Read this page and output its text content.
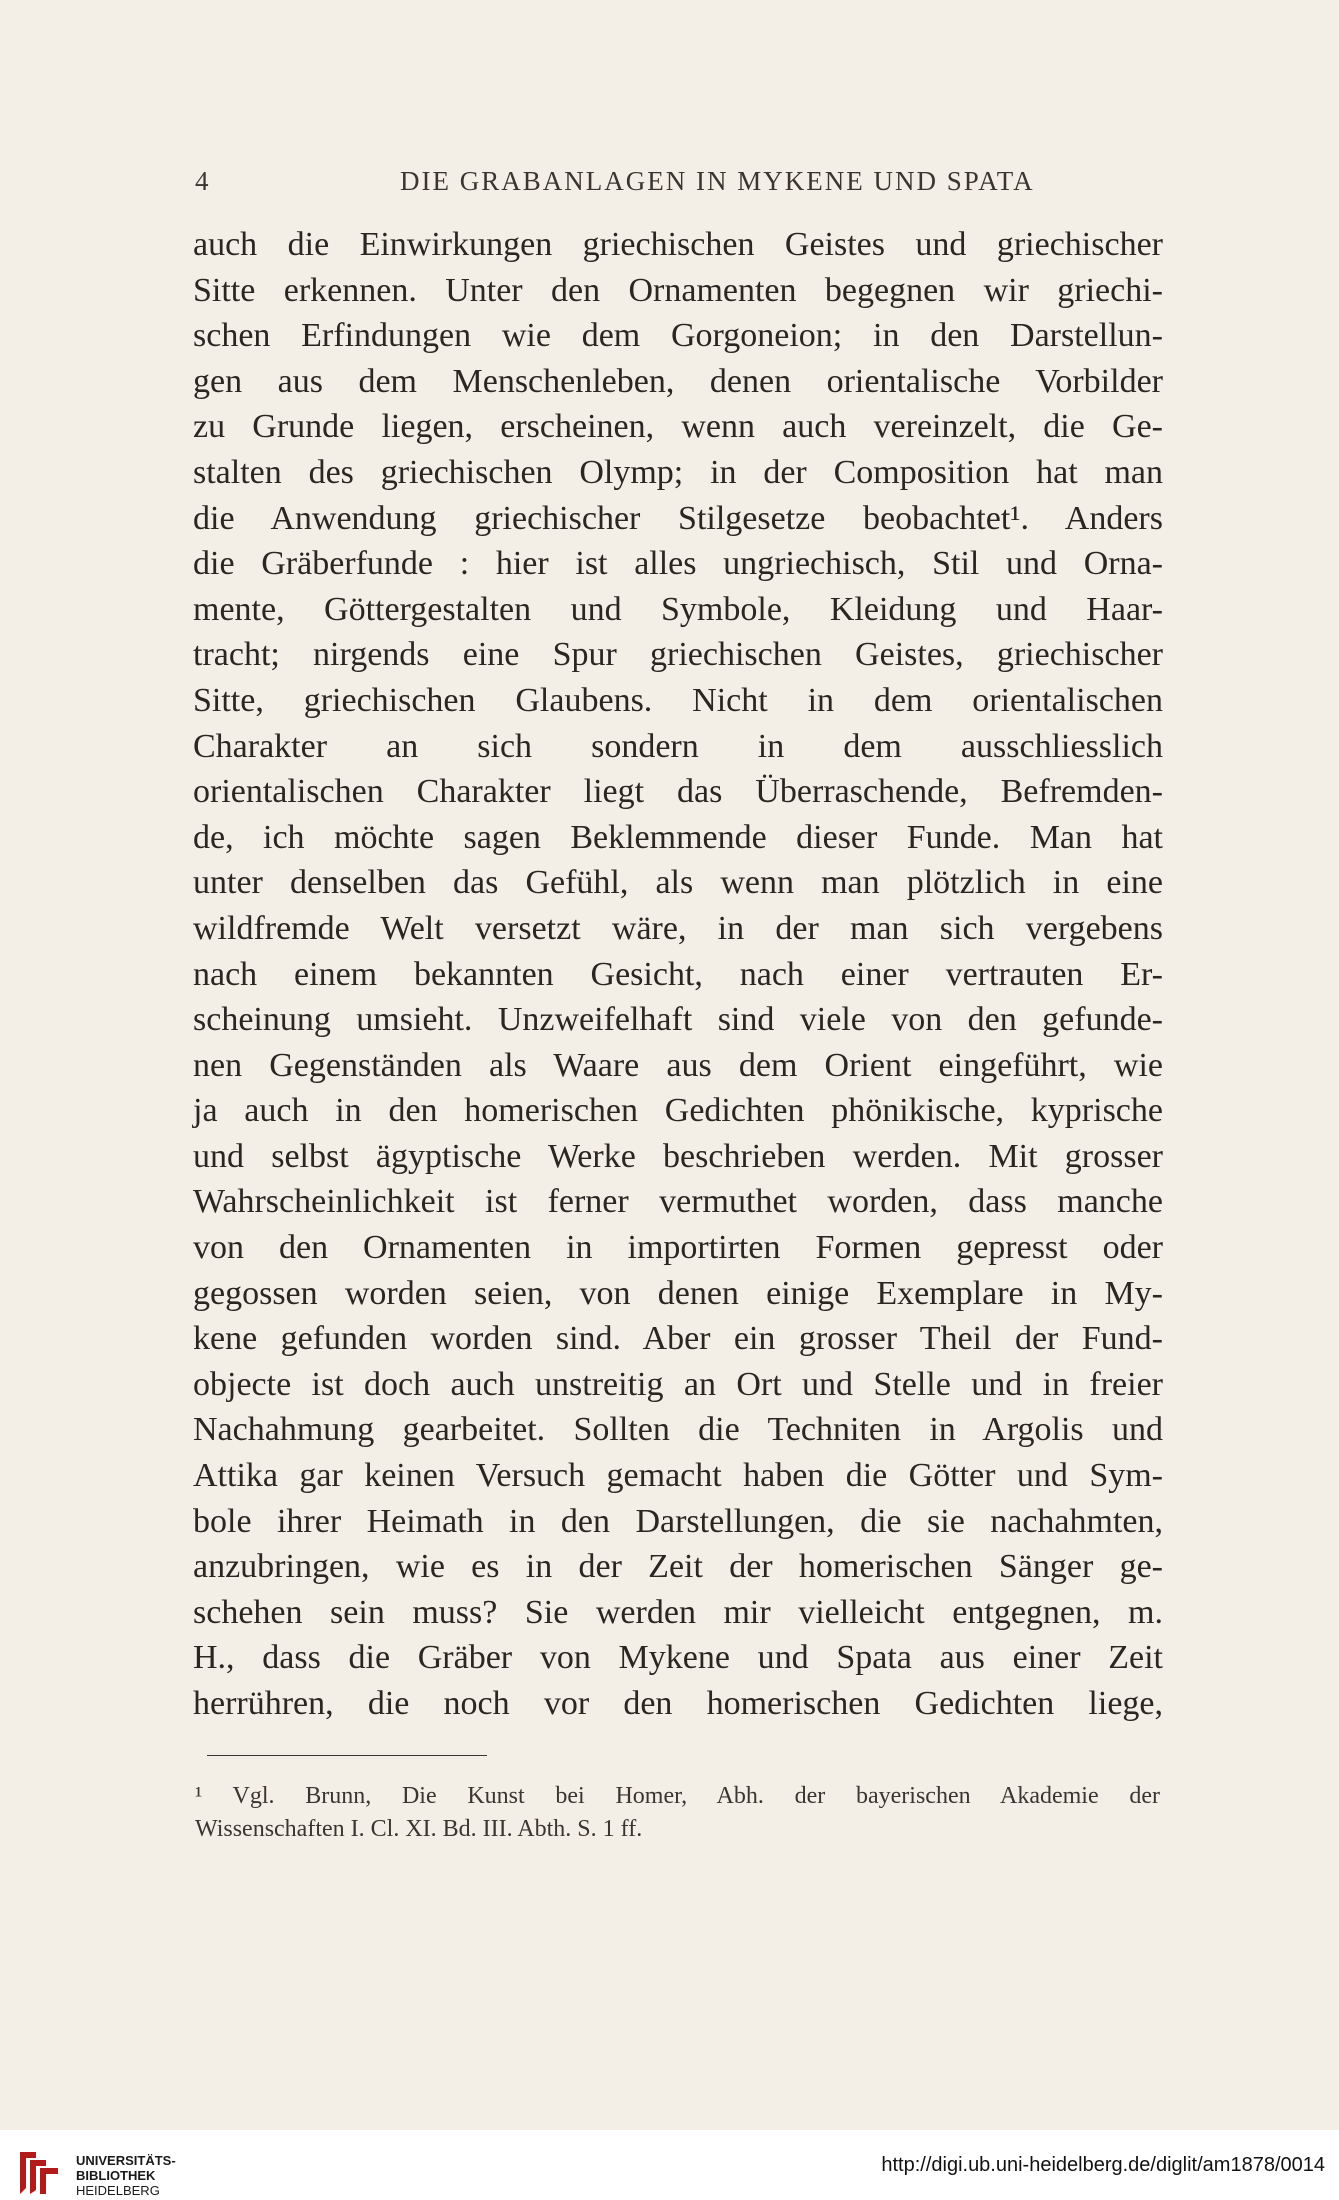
4	DIE GRABANLAGEN IN MYKENE UND SPATA
auch die Einwirkungen griechischen Geistes und griechischer
Sitte erkennen. Unter den Ornamenten begegnen wir griechi-
schen Erfindungen wie dem Gorgoneion; in den Darstellun-
gen aus dem Menschenleben, denen orientalische Vorbilder
zu Grunde liegen, erscheinen, wenn auch vereinzelt, die Ge-
stalten des griechischen Olymp; in der Composition hat man
die Anwendung griechischer Stilgesetze beobachtet¹. Anders
die Gräberfunde : hier ist alles ungriechisch, Stil und Orna-
mente, Göttergestalten und Symbole, Kleidung und Haar-
tracht; nirgends eine Spur griechischen Geistes, griechischer
Sitte, griechischen Glaubens. Nicht in dem orientalischen
Charakter an sich sondern in dem ausschliesslich
orientalischen Charakter liegt das Überraschende, Befremden-
de, ich möchte sagen Beklemmende dieser Funde. Man hat
unter denselben das Gefühl, als wenn man plötzlich in eine
wildfremde Welt versetzt wäre, in der man sich vergebens
nach einem bekannten Gesicht, nach einer vertrauten Er-
scheinung umsieht. Unzweifelhaft sind viele von den gefunde-
nen Gegenständen als Waare aus dem Orient eingeführt, wie
ja auch in den homerischen Gedichten phönikische, kyprische
und selbst ägyptische Werke beschrieben werden. Mit grosser
Wahrscheinlichkeit ist ferner vermuthet worden, dass manche
von den Ornamenten in importirten Formen gepresst oder
gegossen worden seien, von denen einige Exemplare in My-
kene gefunden worden sind. Aber ein grosser Theil der Fund-
objecte ist doch auch unstreitig an Ort und Stelle und in freier
Nachahmung gearbeitet. Sollten die Techniten in Argolis und
Attika gar keinen Versuch gemacht haben die Götter und Sym-
bole ihrer Heimath in den Darstellungen, die sie nachahmten,
anzubringen, wie es in der Zeit der homerischen Sänger ge-
schehen sein muss? Sie werden mir vielleicht entgegnen, m.
H., dass die Gräber von Mykene und Spata aus einer Zeit
herrühren, die noch vor den homerischen Gedichten liege,
¹ Vgl. Brunn, Die Kunst bei Homer, Abh. der bayerischen Akademie der
Wissenschaften I. Cl. XI. Bd. III. Abth. S. 1 ff.
UNIVERSITÄTS-
BIBLIOTHEK
HEIDELBERG
http://digi.ub.uni-heidelberg.de/diglit/am1878/0014
